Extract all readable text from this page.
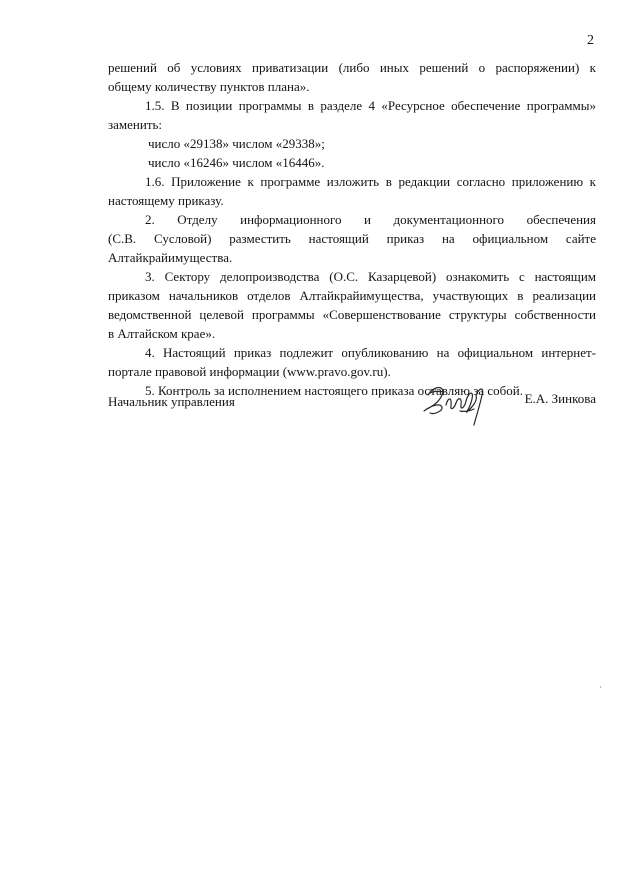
2
решений об условиях приватизации (либо иных решений о распоряжении) к
общему количеству пунктов плана».
1.5. В позиции программы в разделе 4 «Ресурсное обеспечение программы»
заменить:
число «29138» числом «29338»;
число «16246» числом «16446».
1.6. Приложение к программе изложить в редакции согласно приложению к
настоящему приказу.
2. Отделу информационного и документационного обеспечения
(С.В. Сусловой) разместить настоящий приказ на официальном сайте
Алтайкрайимущества.
3. Сектору делопроизводства (О.С. Казарцевой) ознакомить с настоящим
приказом начальников отделов Алтайкрайимущества, участвующих в реализации
ведомственной целевой программы «Совершенствование структуры собственности
в Алтайском крае».
4. Настоящий приказ подлежит опубликованию на официальном интернет-
портале правовой информации (www.pravo.gov.ru).
5. Контроль за исполнением настоящего приказа оставляю за собой.
Начальник управления	Е.А. Зинкова
